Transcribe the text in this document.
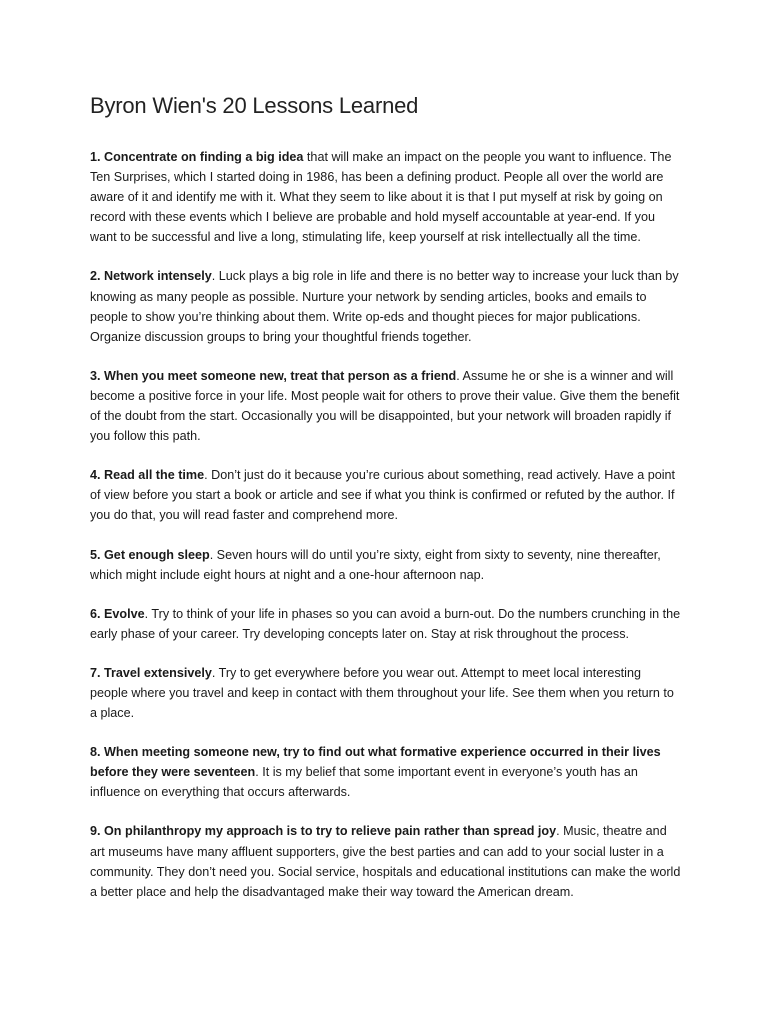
Byron Wien's 20 Lessons Learned

1. Concentrate on finding a big idea that will make an impact on the people you want to influence. The Ten Surprises, which I started doing in 1986, has been a defining product. People all over the world are aware of it and identify me with it. What they seem to like about it is that I put myself at risk by going on record with these events which I believe are probable and hold myself accountable at year-end. If you want to be successful and live a long, stimulating life, keep yourself at risk intellectually all the time.

2. Network intensely. Luck plays a big role in life and there is no better way to increase your luck than by knowing as many people as possible. Nurture your network by sending articles, books and emails to people to show you’re thinking about them. Write op-eds and thought pieces for major publications. Organize discussion groups to bring your thoughtful friends together.

3. When you meet someone new, treat that person as a friend. Assume he or she is a winner and will become a positive force in your life. Most people wait for others to prove their value. Give them the benefit of the doubt from the start. Occasionally you will be disappointed, but your network will broaden rapidly if you follow this path.

4. Read all the time. Don’t just do it because you’re curious about something, read actively. Have a point of view before you start a book or article and see if what you think is confirmed or refuted by the author. If you do that, you will read faster and comprehend more.

5. Get enough sleep. Seven hours will do until you’re sixty, eight from sixty to seventy, nine thereafter, which might include eight hours at night and a one-hour afternoon nap.

6. Evolve. Try to think of your life in phases so you can avoid a burn-out. Do the numbers crunching in the early phase of your career. Try developing concepts later on. Stay at risk throughout the process.

7. Travel extensively. Try to get everywhere before you wear out. Attempt to meet local interesting people where you travel and keep in contact with them throughout your life. See them when you return to a place.

8. When meeting someone new, try to find out what formative experience occurred in their lives before they were seventeen. It is my belief that some important event in everyone’s youth has an influence on everything that occurs afterwards.

9. On philanthropy my approach is to try to relieve pain rather than spread joy. Music, theatre and art museums have many affluent supporters, give the best parties and can add to your social luster in a community. They don’t need you. Social service, hospitals and educational institutions can make the world a better place and help the disadvantaged make their way toward the American dream.
